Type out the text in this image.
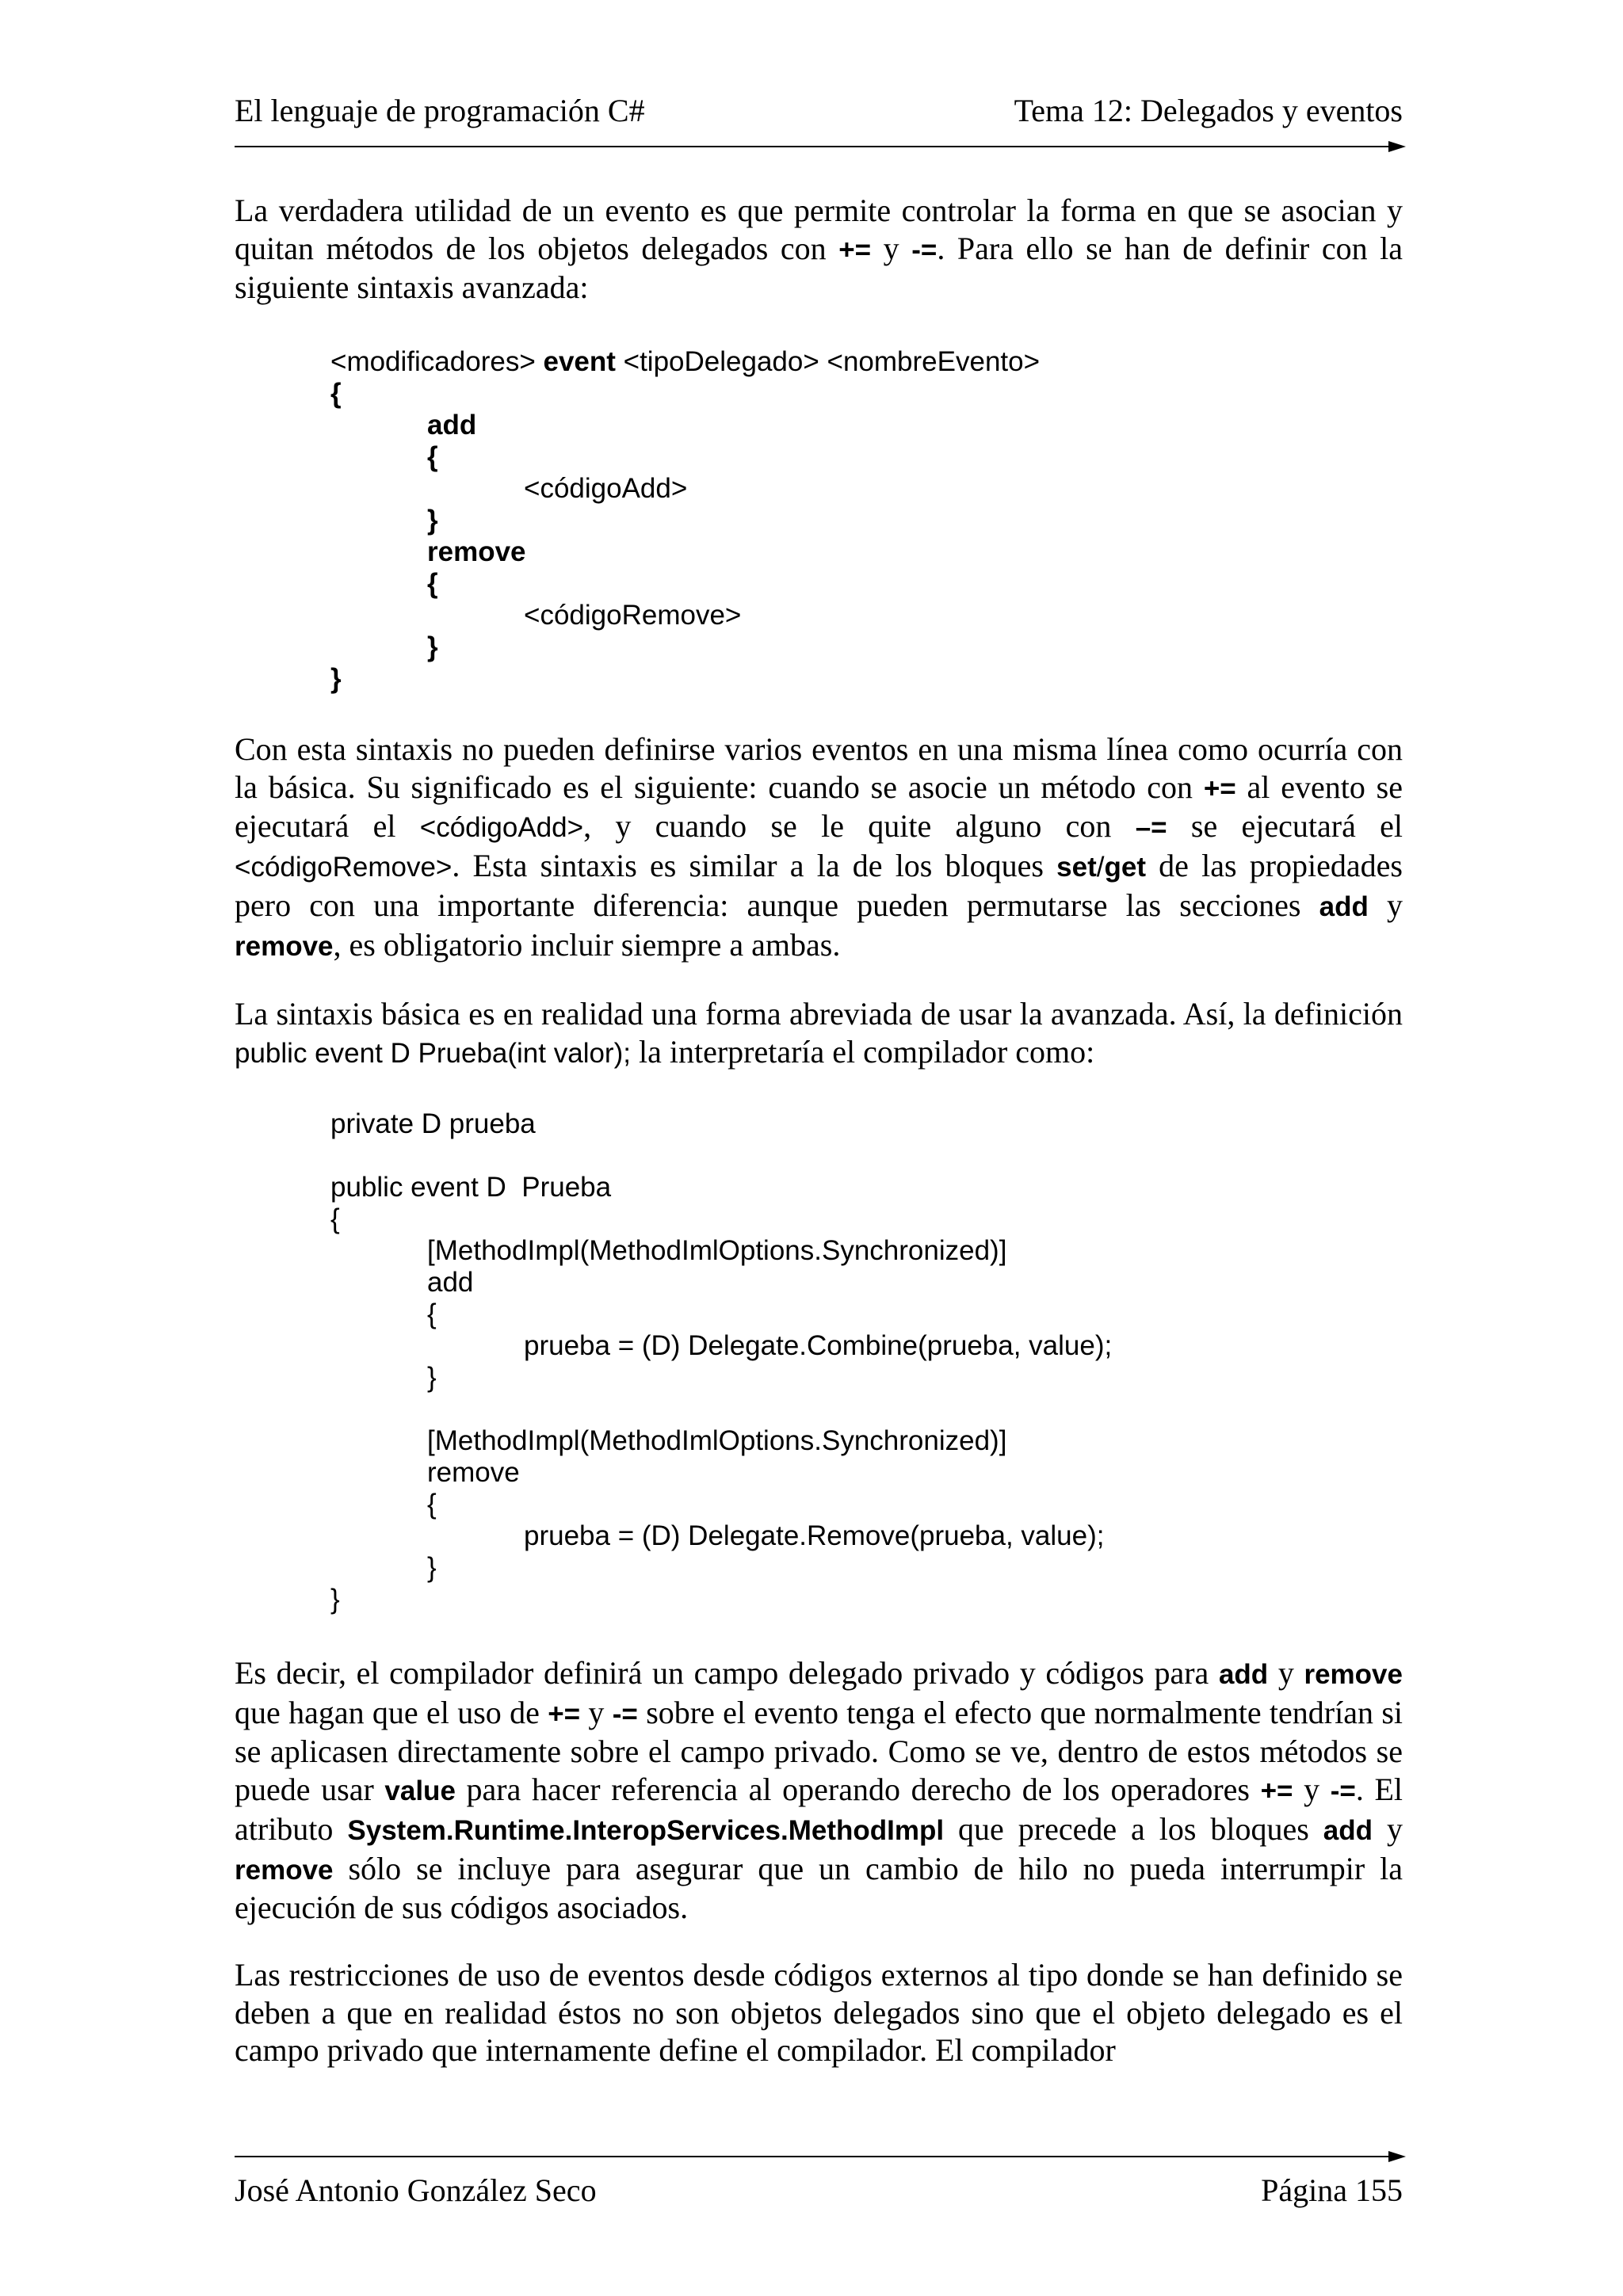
El lenguaje de programación C#	Tema 12: Delegados y eventos
La verdadera utilidad de un evento es que permite controlar la forma en que se asocian y quitan métodos de los objetos delegados con += y -=. Para ello se han de definir con la siguiente sintaxis avanzada:
<modificadores> event <tipoDelegado> <nombreEvento>
{
add
{
<códigoAdd>
}
remove
{
<códigoRemove>
}
}
Con esta sintaxis no pueden definirse varios eventos en una misma línea como ocurría con la básica. Su significado es el siguiente: cuando se asocie un método con += al evento se ejecutará el <códigoAdd>, y cuando se le quite alguno con –= se ejecutará el <códigoRemove>. Esta sintaxis es similar a la de los bloques set/get de las propiedades pero con una importante diferencia: aunque pueden permutarse las secciones add y remove, es obligatorio incluir siempre a ambas.
La sintaxis básica es en realidad una forma abreviada de usar la avanzada. Así, la definición public event D Prueba(int valor); la interpretaría el compilador como:
private D prueba
public event D  Prueba
{
[MethodImpl(MethodImlOptions.Synchronized)]
add
{
prueba = (D) Delegate.Combine(prueba, value);
}
[MethodImpl(MethodImlOptions.Synchronized)]
remove
{
prueba = (D) Delegate.Remove(prueba, value);
}
}
Es decir, el compilador definirá un campo delegado privado y códigos para add y remove que hagan que el uso de += y -= sobre el evento tenga el efecto que normalmente tendrían si se aplicasen directamente sobre el campo privado. Como se ve, dentro de estos métodos se puede usar value para hacer referencia al operando derecho de los operadores += y -=. El atributo System.Runtime.InteropServices.MethodImpl que precede a los bloques add y remove sólo se incluye para asegurar que un cambio de hilo no pueda interrumpir la ejecución de sus códigos asociados.
Las restricciones de uso de eventos desde códigos externos al tipo donde se han definido se deben a que en realidad éstos no son objetos delegados sino que el objeto delegado es el campo privado que internamente define el compilador. El compilador
José Antonio González Seco	Página 155
